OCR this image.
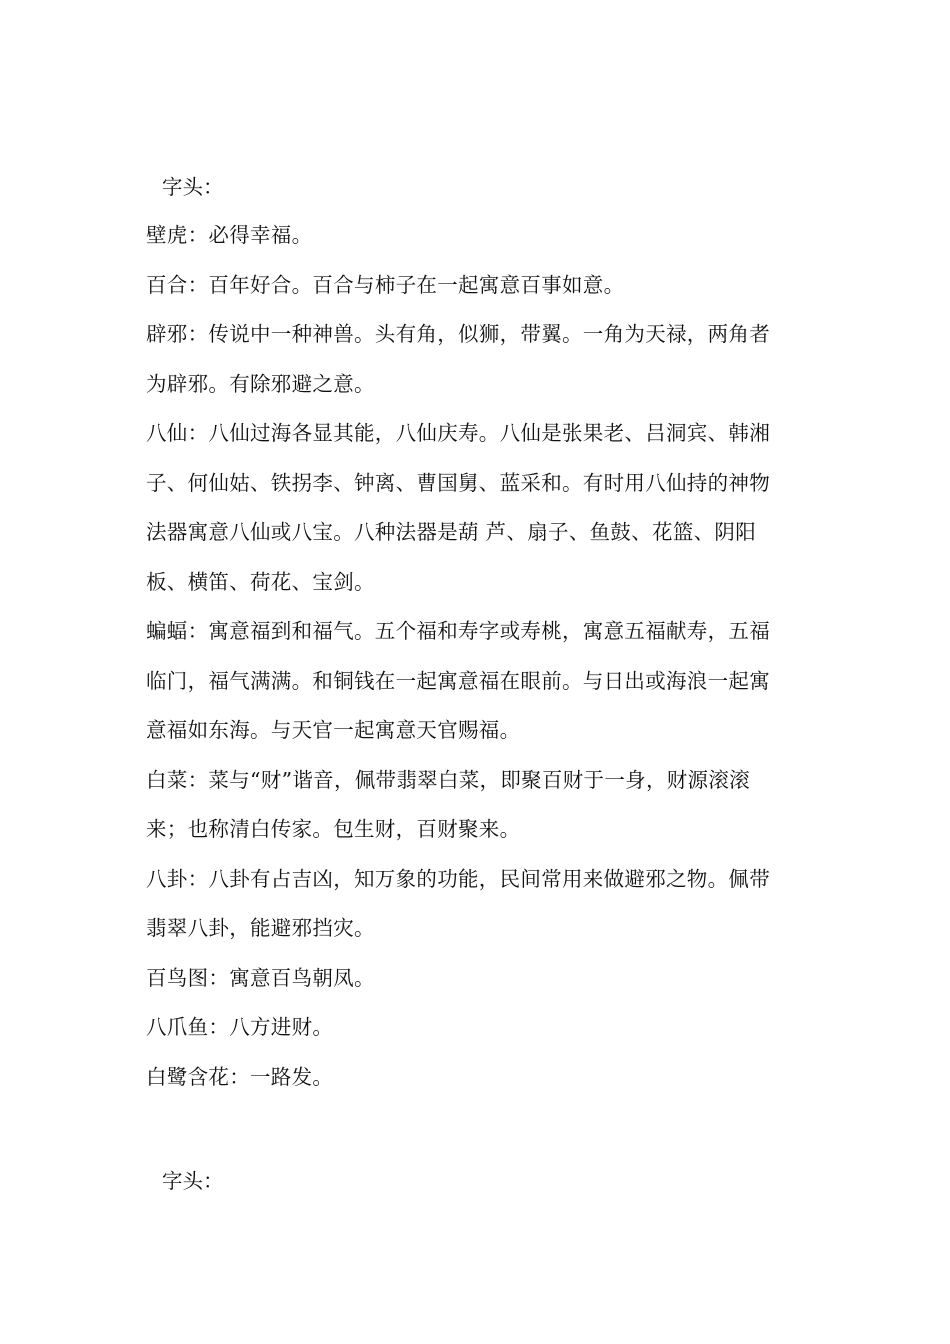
字头：
壁虎：必得幸福。
百合：百年好合。百合与柿子在一起寓意百事如意。
辟邪：传说中一种神兽。头有角，似狮，带翼。一角为天禄，两角者
为辟邪。有除邪避之意。
八仙：八仙过海各显其能，八仙庆寿。八仙是张果老、吕洞宾、韩湘
子、何仙姑、铁拐李、钟离、曹国舅、蓝采和。有时用八仙持的神物
法器寓意八仙或八宝。八种法器是葫 芦、扇子、鱼鼓、花篮、阴阳
板、横笛、荷花、宝剑。
蝙蝠：寓意福到和福气。五个福和寿字或寿桃，寓意五福献寿，五福
临门，福气满满。和铜钱在一起寓意福在眼前。与日出或海浪一起寓
意福如东海。与天官一起寓意天官赐福。
白菜：菜与“财”谐音，佩带翡翠白菜，即聚百财于一身，财源滚滚
来；也称清白传家。包生财，百财聚来。
八卦：八卦有占吉凶，知万象的功能，民间常用来做避邪之物。佩带
翡翠八卦，能避邪挡灾。
百鸟图：寓意百鸟朝凤。
八爪鱼：八方进财。
白鹭含花：一路发。
字头：
